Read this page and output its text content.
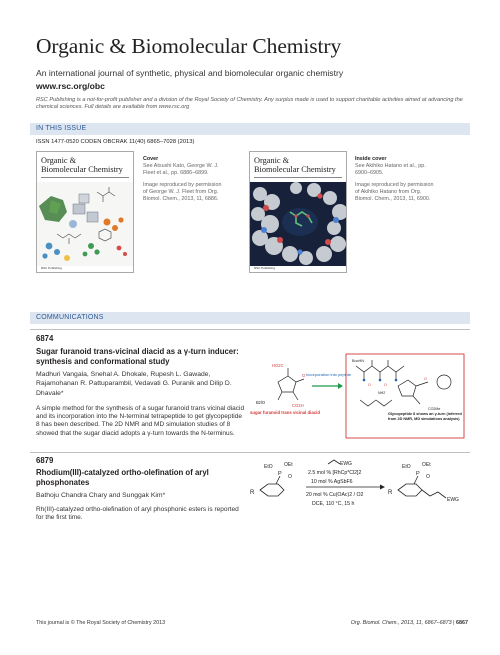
Organic & Biomolecular Chemistry
An international journal of synthetic, physical and biomolecular organic chemistry
www.rsc.org/obc
RSC Publishing is a not-for-profit publisher and a division of the Royal Society of Chemistry. Any surplus made is used to support charitable activities aimed at advancing the chemical sciences. Full details are available from www.rsc.org
IN THIS ISSUE
ISSN 1477-0520 CODEN OBCRAK 11(40) 6865–7028 (2013)
Organic &
Biomolecular Chemistry
RSC Publishing
Cover
See Atsushi Kato, George W. J. Fleet et al., pp. 6886–6899.
Image reproduced by permission of George W. J. Fleet from Org. Biomol. Chem., 2013, 11, 6886.
Organic &
Biomolecular Chemistry
RSC Publishing
Inside cover
See Akihiko Hatano et al., pp. 6900–6905.
Image reproduced by permission of Akihiko Hatano from Org. Biomol. Chem., 2013, 11, 6900.
COMMUNICATIONS
6874
Sugar furanoid trans-vicinal diacid as a γ-turn inducer: synthesis and conformational study
Madhuri Vangala, Snehal A. Dhokale, Rupesh L. Gawade, Rajamohanan R. Pattuparambil, Vedavati G. Puranik and Dilip D. Dhavale*
A simple method for the synthesis of a sugar furanoid trans vicinal diacid and its incorporation into the N-terminal tetrapeptide to get glycopeptide 8 has been described. The 2D NMR and MD simulation studies of 8 showed that the sugar diacid adopts a γ-turn towards the N-terminus.
HO2C
O
CO2H
BzlO
sugar furanoid trans vicinal diacid
Incorporation into peptide
O	O
O
BocHN
NH2
CO2Me
Glycopeptide 8 shows an γ-turn (inferred from 2D NMR, MD simulations analysis)
6879
Rhodium(III)-catalyzed ortho-olefination of aryl phosphonates
Bathoju Chandra Chary and Sunggak Kim*
Rh(III)-catalyzed ortho-olefination of aryl phosphonic esters is reported for the first time.
R
P
EtO OEt
O
EWG
2.5 mol % [RhCp*Cl2]2
10 mol % AgSbF6
20 mol % Cu(OAc)2 / O2
DCE, 110 °C, 15 h
R
P
EtO OEt
O
EWG
This journal is © The Royal Society of Chemistry 2013	Org. Biomol. Chem., 2013, 11, 6867–6873 | 6867
